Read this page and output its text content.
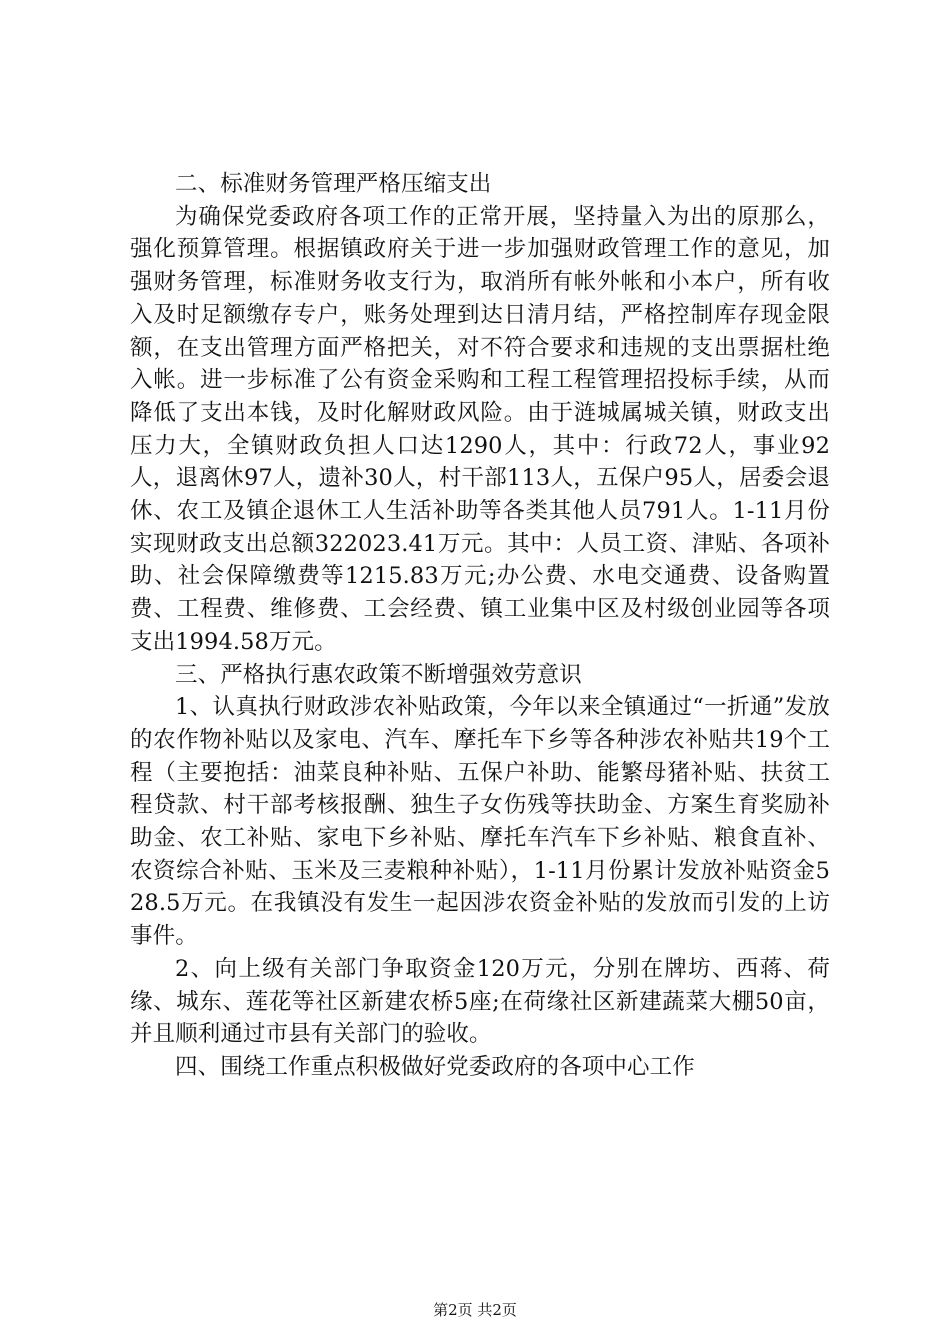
二、标准财务管理严格压缩支出

为确保党委政府各项工作的正常开展，坚持量入为出的原那么，强化预算管理。根据镇政府关于进一步加强财政管理工作的意见，加强财务管理，标准财务收支行为，取消所有帐外帐和小本户，所有收入及时足额缴存专户，账务处理到达日清月结，严格控制库存现金限额，在支出管理方面严格把关，对不符合要求和违规的支出票据杜绝入帐。进一步标准了公有资金采购和工程工程管理招投标手续，从而降低了支出本钱，及时化解财政风险。由于涟城属城关镇，财政支出压力大，全镇财政负担人口达1290人，其中：行政72人，事业92人，退离休97人，遗补30人，村干部113人，五保户95人，居委会退休、农工及镇企退休工人生活补助等各类其他人员791人。1-11月份实现财政支出总额322023.41万元。其中：人员工资、津贴、各项补助、社会保障缴费等1215.83万元;办公费、水电交通费、设备购置费、工程费、维修费、工会经费、镇工业集中区及村级创业园等各项支出1994.58万元。

三、严格执行惠农政策不断增强效劳意识

1、认真执行财政涉农补贴政策，今年以来全镇通过“一折通”发放的农作物补贴以及家电、汽车、摩托车下乡等各种涉农补贴共19个工程（主要抱括：油菜良种补贴、五保户补助、能繁母猪补贴、扶贫工程贷款、村干部考核报酬、独生子女伤残等扶助金、方案生育奖励补助金、农工补贴、家电下乡补贴、摩托车汽车下乡补贴、粮食直补、农资综合补贴、玉米及三麦粮种补贴），1-11月份累计发放补贴资金528.5万元。在我镇没有发生一起因涉农资金补贴的发放而引发的上访事件。

2、向上级有关部门争取资金120万元，分别在牌坊、西蒋、荷缘、城东、莲花等社区新建农桥5座;在荷缘社区新建蔬菜大棚50亩，并且顺利通过市县有关部门的验收。

四、围绕工作重点积极做好党委政府的各项中心工作

第2页 共2页
